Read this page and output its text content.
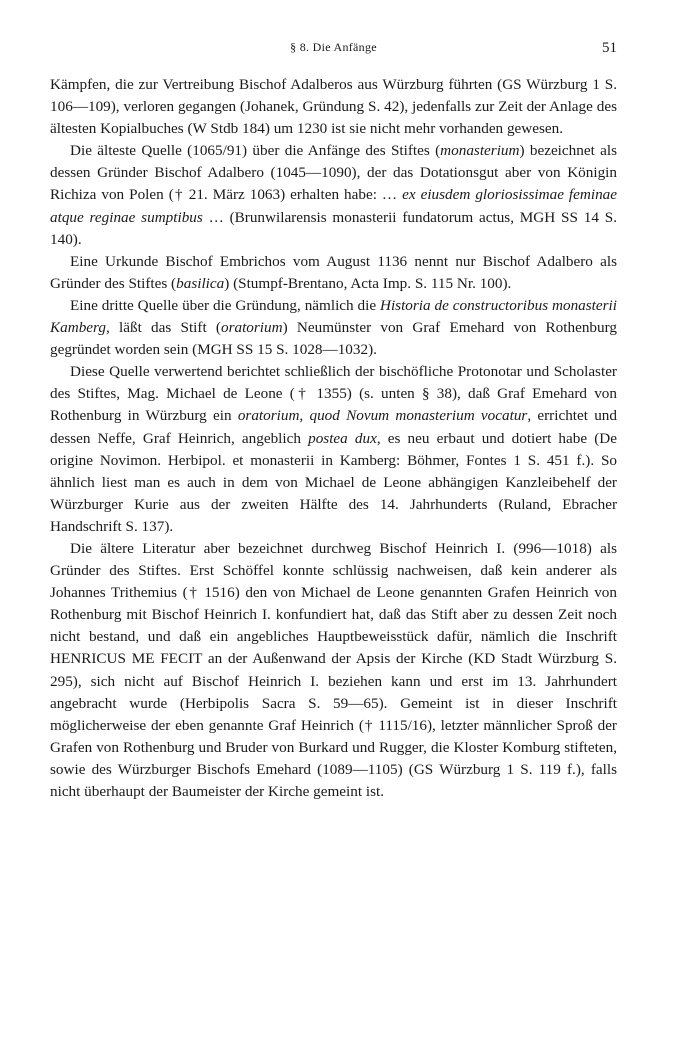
§ 8. Die Anfänge	51

Kämpfen, die zur Vertreibung Bischof Adalberos aus Würzburg führten (GS Würzburg 1 S. 106—109), verloren gegangen (Johanek, Gründung S. 42), jedenfalls zur Zeit der Anlage des ältesten Kopialbuches (W Stdb 184) um 1230 ist sie nicht mehr vorhanden gewesen.

Die älteste Quelle (1065/91) über die Anfänge des Stiftes (monasterium) bezeichnet als dessen Gründer Bischof Adalbero (1045—1090), der das Dotationsgut aber von Königin Richiza von Polen († 21. März 1063) erhalten habe: … ex eiusdem gloriosissimae feminae atque reginae sumptibus … (Brunwilarensis monasterii fundatorum actus, MGH SS 14 S. 140).

Eine Urkunde Bischof Embrichos vom August 1136 nennt nur Bischof Adalbero als Gründer des Stiftes (basilica) (Stumpf-Brentano, Acta Imp. S. 115 Nr. 100).

Eine dritte Quelle über die Gründung, nämlich die Historia de constructoribus monasterii Kamberg, läßt das Stift (oratorium) Neumünster von Graf Emehard von Rothenburg gegründet worden sein (MGH SS 15 S. 1028—1032).

Diese Quelle verwertend berichtet schließlich der bischöfliche Protonotar und Scholaster des Stiftes, Mag. Michael de Leone († 1355) (s. unten § 38), daß Graf Emehard von Rothenburg in Würzburg ein oratorium, quod Novum monasterium vocatur, errichtet und dessen Neffe, Graf Heinrich, angeblich postea dux, es neu erbaut und dotiert habe (De origine Novimon. Herbipol. et monasterii in Kamberg: Böhmer, Fontes 1 S. 451 f.). So ähnlich liest man es auch in dem von Michael de Leone abhängigen Kanzleibehelf der Würzburger Kurie aus der zweiten Hälfte des 14. Jahrhunderts (Ruland, Ebracher Handschrift S. 137).

Die ältere Literatur aber bezeichnet durchweg Bischof Heinrich I. (996—1018) als Gründer des Stiftes. Erst Schöffel konnte schlüssig nachweisen, daß kein anderer als Johannes Trithemius († 1516) den von Michael de Leone genannten Grafen Heinrich von Rothenburg mit Bischof Heinrich I. konfundiert hat, daß das Stift aber zu dessen Zeit noch nicht bestand, und daß ein angebliches Hauptbeweisstück dafür, nämlich die Inschrift HENRICUS ME FECIT an der Außenwand der Apsis der Kirche (KD Stadt Würzburg S. 295), sich nicht auf Bischof Heinrich I. beziehen kann und erst im 13. Jahrhundert angebracht wurde (Herbipolis Sacra S. 59—65). Gemeint ist in dieser Inschrift möglicherweise der eben genannte Graf Heinrich († 1115/16), letzter männlicher Sproß der Grafen von Rothenburg und Bruder von Burkard und Rugger, die Kloster Komburg stifteten, sowie des Würzburger Bischofs Emehard (1089—1105) (GS Würzburg 1 S. 119 f.), falls nicht überhaupt der Baumeister der Kirche gemeint ist.
